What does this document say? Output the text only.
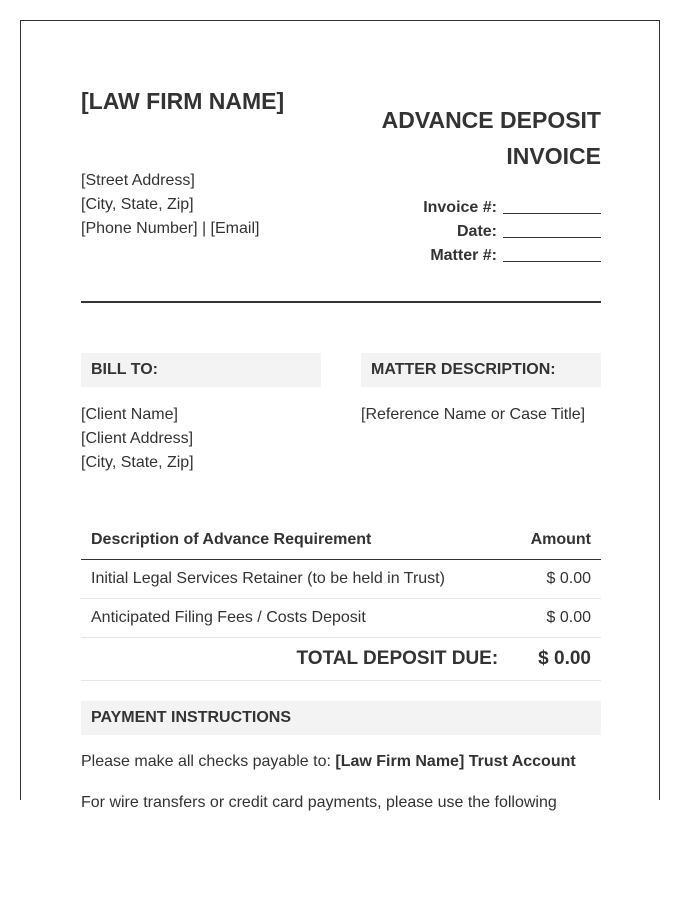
[LAW FIRM NAME]
[Street Address]
[City, State, Zip]
[Phone Number] | [Email]
ADVANCE DEPOSIT INVOICE
Invoice #:
Date:
Matter #:
BILL TO:	MATTER DESCRIPTION:
[Client Name]
[Client Address]
[City, State, Zip]
[Reference Name or Case Title]
Description of Advance Requirement	Amount
Initial Legal Services Retainer (to be held in Trust)	$ 0.00
Anticipated Filing Fees / Costs Deposit	$ 0.00
TOTAL DEPOSIT DUE: $ 0.00
PAYMENT INSTRUCTIONS
Please make all checks payable to: [Law Firm Name] Trust Account
For wire transfers or credit card payments, please use the following
